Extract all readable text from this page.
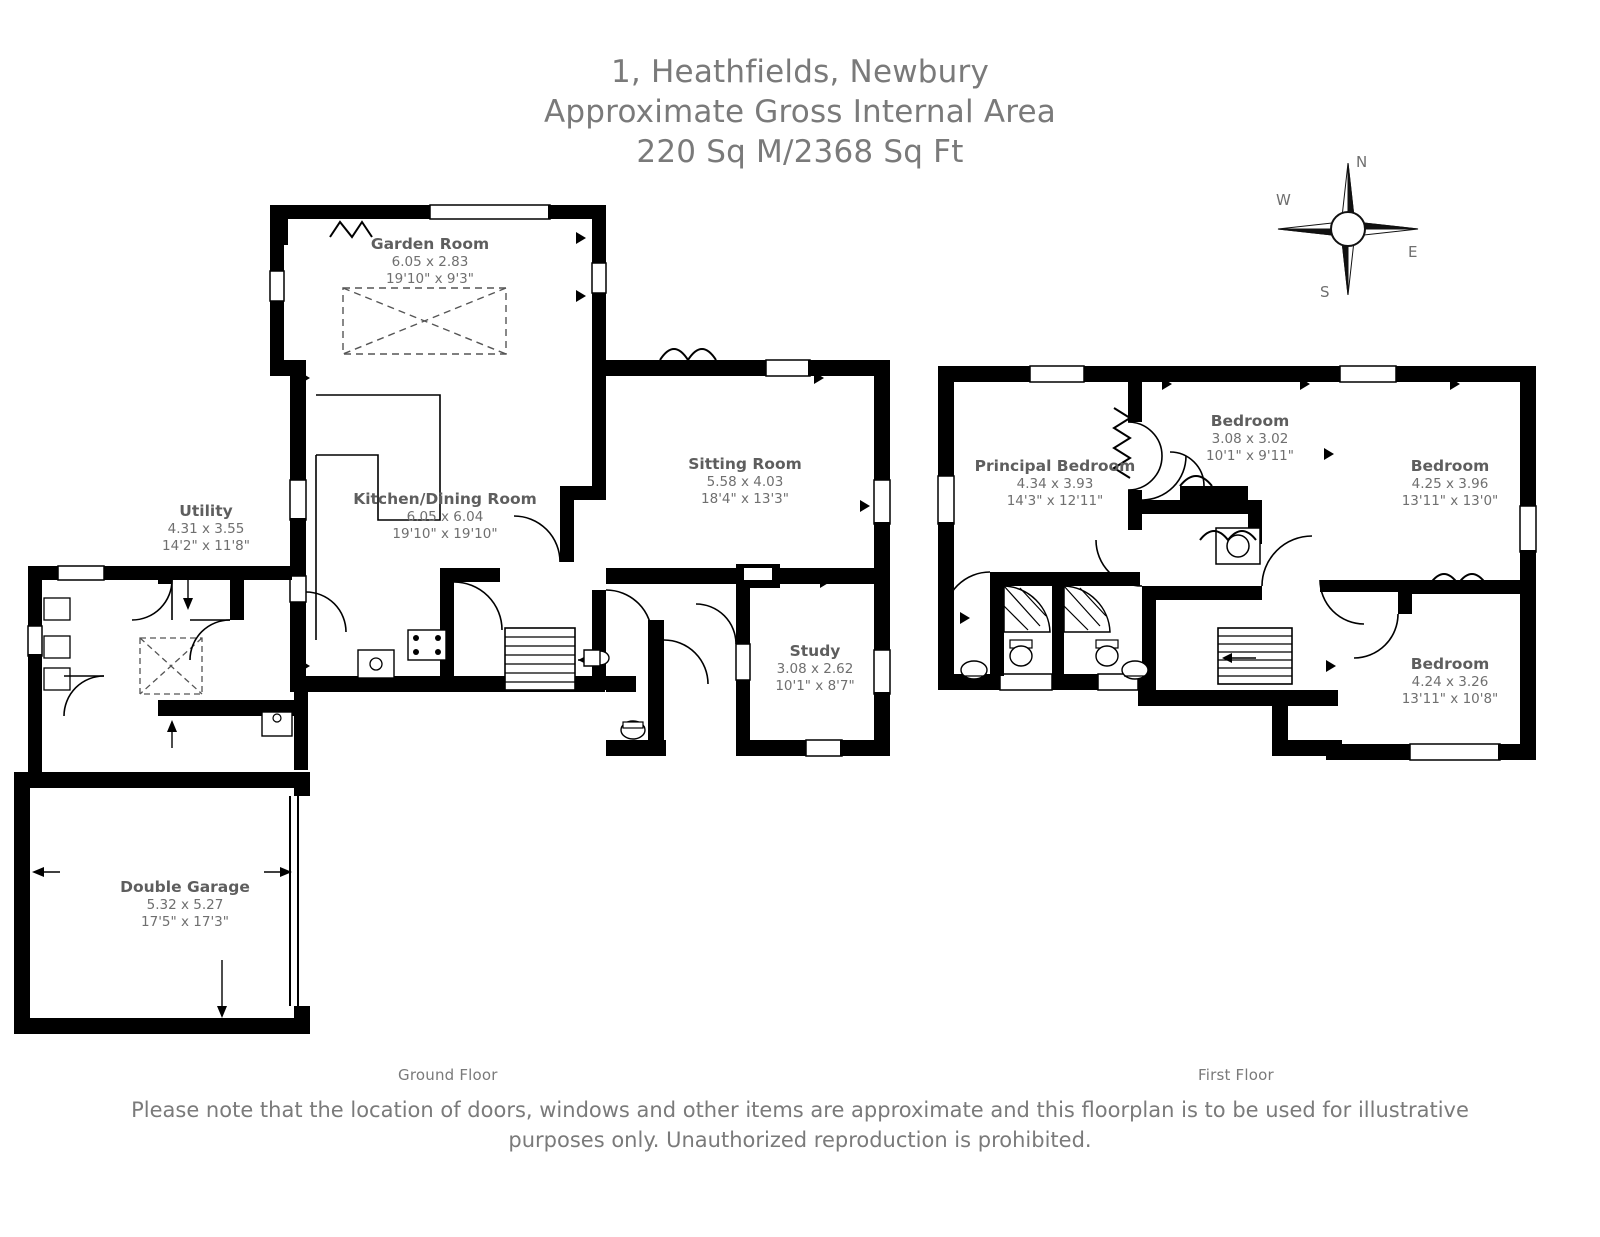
1, Heathfields, Newbury
Approximate Gross Internal Area
220 Sq M/2368 Sq Ft	N
E
S
W
Garden Room
6.05 x 2.83
19'10" x 9'3"
Kitchen/Dining Room
6.05 x 6.04
19'10" x 19'10"
Sitting Room
5.58 x 4.03
18'4" x 13'3"
Utility
4.31 x 3.55
14'2" x 11'8"
Study
3.08 x 2.62
10'1" x 8'7"
Double Garage
5.32 x 5.27
17'5" x 17'3"
Principal Bedroom
4.34 x 3.93
14'3" x 12'11"
Bedroom
3.08 x 3.02
10'1" x 9'11"
Bedroom
4.25 x 3.96
13'11" x 13'0"
Bedroom
4.24 x 3.26
13'11" x 10'8"
Ground Floor	First Floor
Please note that the location of doors, windows and other items are approximate and this floorplan is to be used for illustrative
purposes only. Unauthorized reproduction is prohibited.
